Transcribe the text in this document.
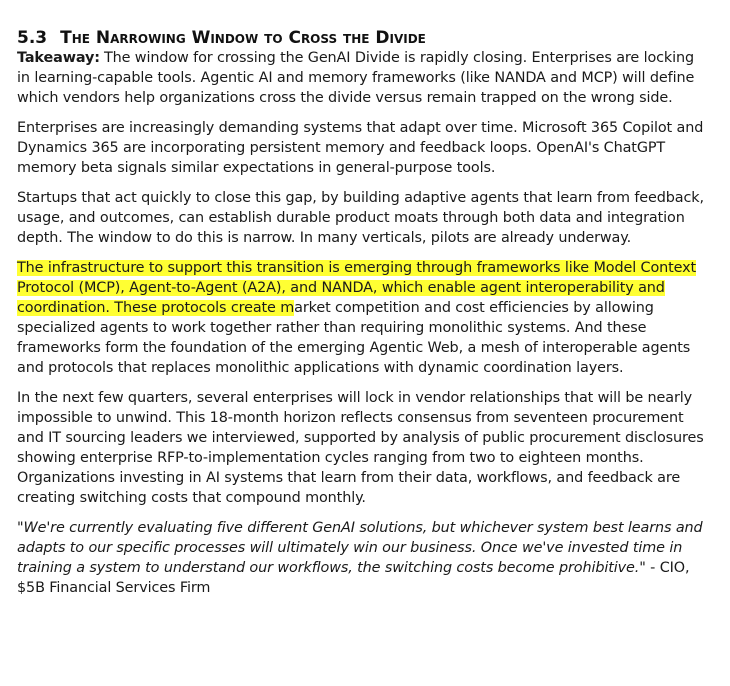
5.3 The Narrowing Window to Cross the Divide

Takeaway: The window for crossing the GenAI Divide is rapidly closing. Enterprises are locking in learning-capable tools. Agentic AI and memory frameworks (like NANDA and MCP) will define which vendors help organizations cross the divide versus remain trapped on the wrong side.

Enterprises are increasingly demanding systems that adapt over time. Microsoft 365 Copilot and Dynamics 365 are incorporating persistent memory and feedback loops. OpenAI's ChatGPT memory beta signals similar expectations in general-purpose tools.

Startups that act quickly to close this gap, by building adaptive agents that learn from feedback, usage, and outcomes, can establish durable product moats through both data and integration depth. The window to do this is narrow. In many verticals, pilots are already underway.

The infrastructure to support this transition is emerging through frameworks like Model Context Protocol (MCP), Agent-to-Agent (A2A), and NANDA, which enable agent interoperability and coordination. These protocols create market competition and cost efficiencies by allowing specialized agents to work together rather than requiring monolithic systems. And these frameworks form the foundation of the emerging Agentic Web, a mesh of interoperable agents and protocols that replaces monolithic applications with dynamic coordination layers.

In the next few quarters, several enterprises will lock in vendor relationships that will be nearly impossible to unwind. This 18-month horizon reflects consensus from seventeen procurement and IT sourcing leaders we interviewed, supported by analysis of public procurement disclosures showing enterprise RFP-to-implementation cycles ranging from two to eighteen months. Organizations investing in AI systems that learn from their data, workflows, and feedback are creating switching costs that compound monthly.

"We're currently evaluating five different GenAI solutions, but whichever system best learns and adapts to our specific processes will ultimately win our business. Once we've invested time in training a system to understand our workflows, the switching costs become prohibitive." - CIO, $5B Financial Services Firm
